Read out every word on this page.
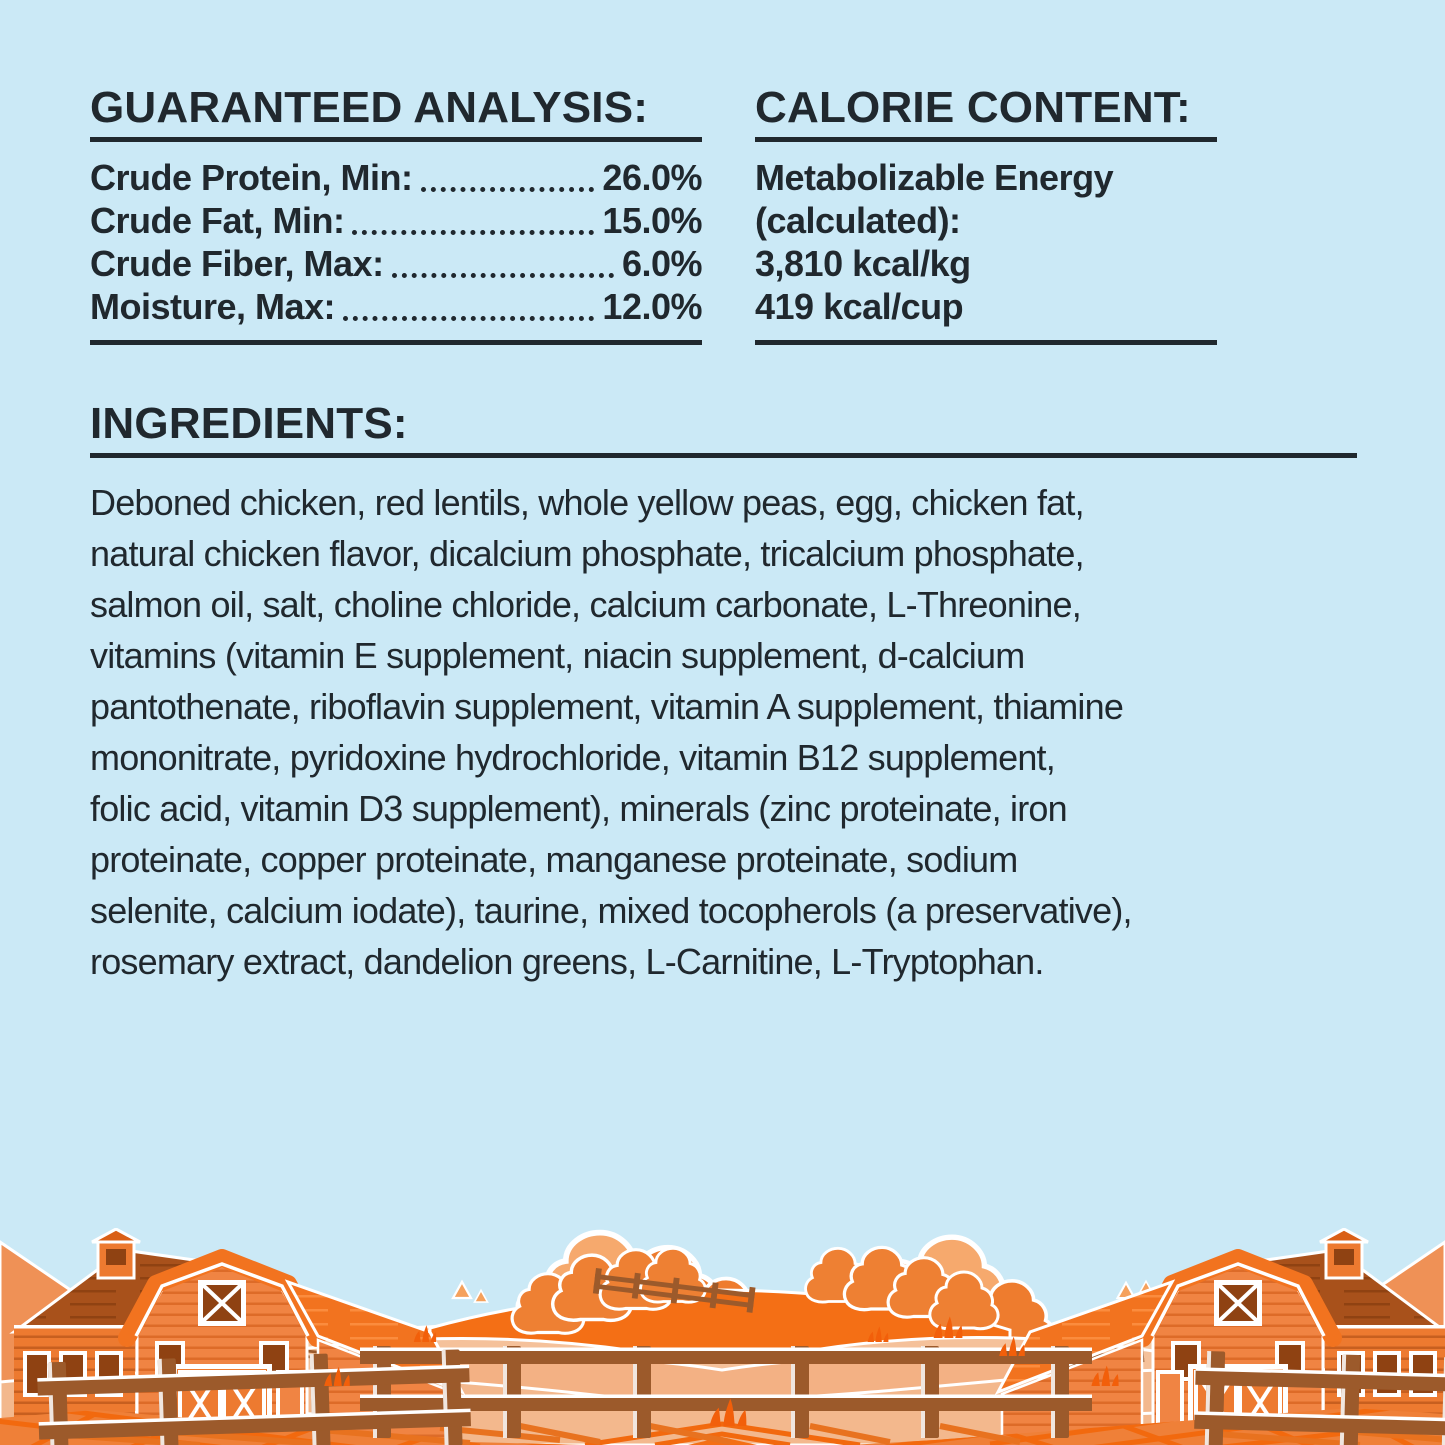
GUARANTEED ANALYSIS:
Crude Protein, Min:	26.0%
Crude Fat, Min:	15.0%
Crude Fiber, Max:	6.0%
Moisture, Max:	12.0%
CALORIE CONTENT:
Metabolizable Energy
(calculated):
3,810 kcal/kg
419 kcal/cup
INGREDIENTS:
Deboned chicken, red lentils, whole yellow peas, egg, chicken fat,
natural chicken flavor, dicalcium phosphate, tricalcium phosphate,
salmon oil, salt, choline chloride, calcium carbonate, L-Threonine,
vitamins (vitamin E supplement, niacin supplement, d-calcium
pantothenate, riboflavin supplement, vitamin A supplement, thiamine
mononitrate, pyridoxine hydrochloride, vitamin B12 supplement,
folic acid, vitamin D3 supplement), minerals (zinc proteinate, iron
proteinate, copper proteinate, manganese proteinate, sodium
selenite, calcium iodate), taurine, mixed tocopherols (a preservative),
rosemary extract, dandelion greens, L-Carnitine, L-Tryptophan.
